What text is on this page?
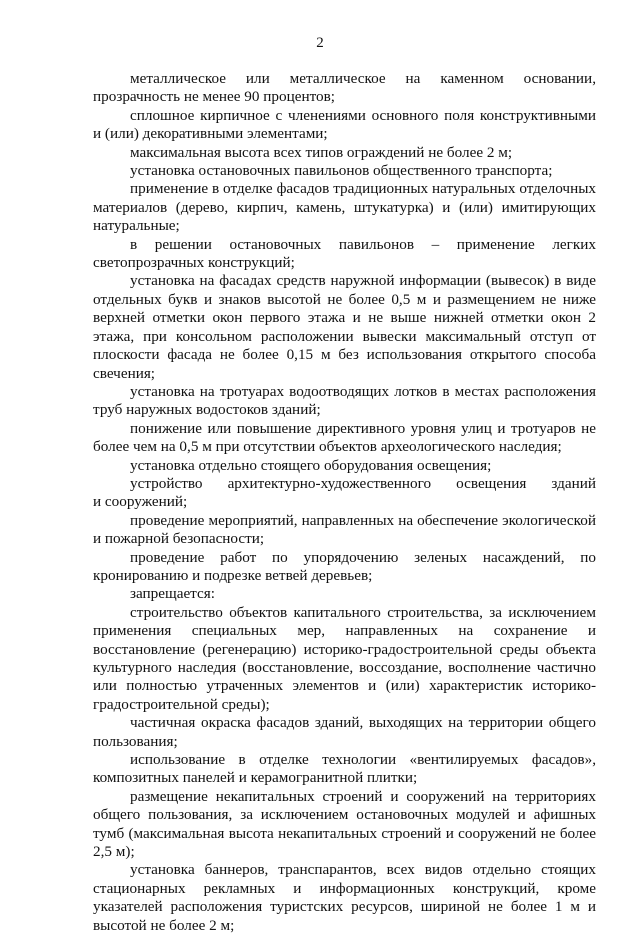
2

металлическое или металлическое на каменном основании,

прозрачность не менее 90 процентов;

сплошное кирпичное с членениями основного поля конструктивными

и (или) декоративными элементами;

максимальная высота всех типов ограждений не более 2 м;

установка остановочных павильонов общественного транспорта;

применение в отделке фасадов традиционных натуральных отделочных материалов (дерево, кирпич, камень, штукатурка) и (или) имитирующих натуральные;

в решении остановочных павильонов – применение легких

светопрозрачных конструкций;

установка на фасадах средств наружной информации (вывесок) в виде отдельных букв и знаков высотой не более 0,5 м и размещением не ниже верхней отметки окон первого этажа и не выше нижней отметки окон 2 этажа, при консольном расположении вывески максимальный отступ от плоскости фасада не более 0,15 м без использования открытого способа свечения;

установка на тротуарах водоотводящих лотков в местах расположения труб наружных водостоков зданий;

понижение или повышение директивного уровня улиц и тротуаров не более чем на 0,5 м при отсутствии объектов археологического наследия;

установка отдельно стоящего оборудования освещения;

устройство архитектурно-художественного освещения зданий

и сооружений;

проведение мероприятий, направленных на обеспечение экологической и пожарной безопасности;

проведение работ по упорядочению зеленых насаждений, по кронированию и подрезке ветвей деревьев;

запрещается:

строительство объектов капитального строительства, за исключением применения специальных мер, направленных на сохранение и восстановление (регенерацию) историко-градостроительной среды объекта культурного наследия (восстановление, воссоздание, восполнение частично или полностью утраченных элементов и (или) характеристик историко-градостроительной среды);

частичная окраска фасадов зданий, выходящих на территории общего пользования;

использование в отделке технологии «вентилируемых фасадов», композитных панелей и керамогранитной плитки;

размещение некапитальных строений и сооружений на территориях общего пользования, за исключением остановочных модулей и афишных тумб (максимальная высота некапитальных строений и сооружений не более 2,5 м);

установка баннеров, транспарантов, всех видов отдельно стоящих стационарных рекламных и информационных конструкций, кроме указателей расположения туристских ресурсов, шириной не более 1 м и высотой не более 2 м;
